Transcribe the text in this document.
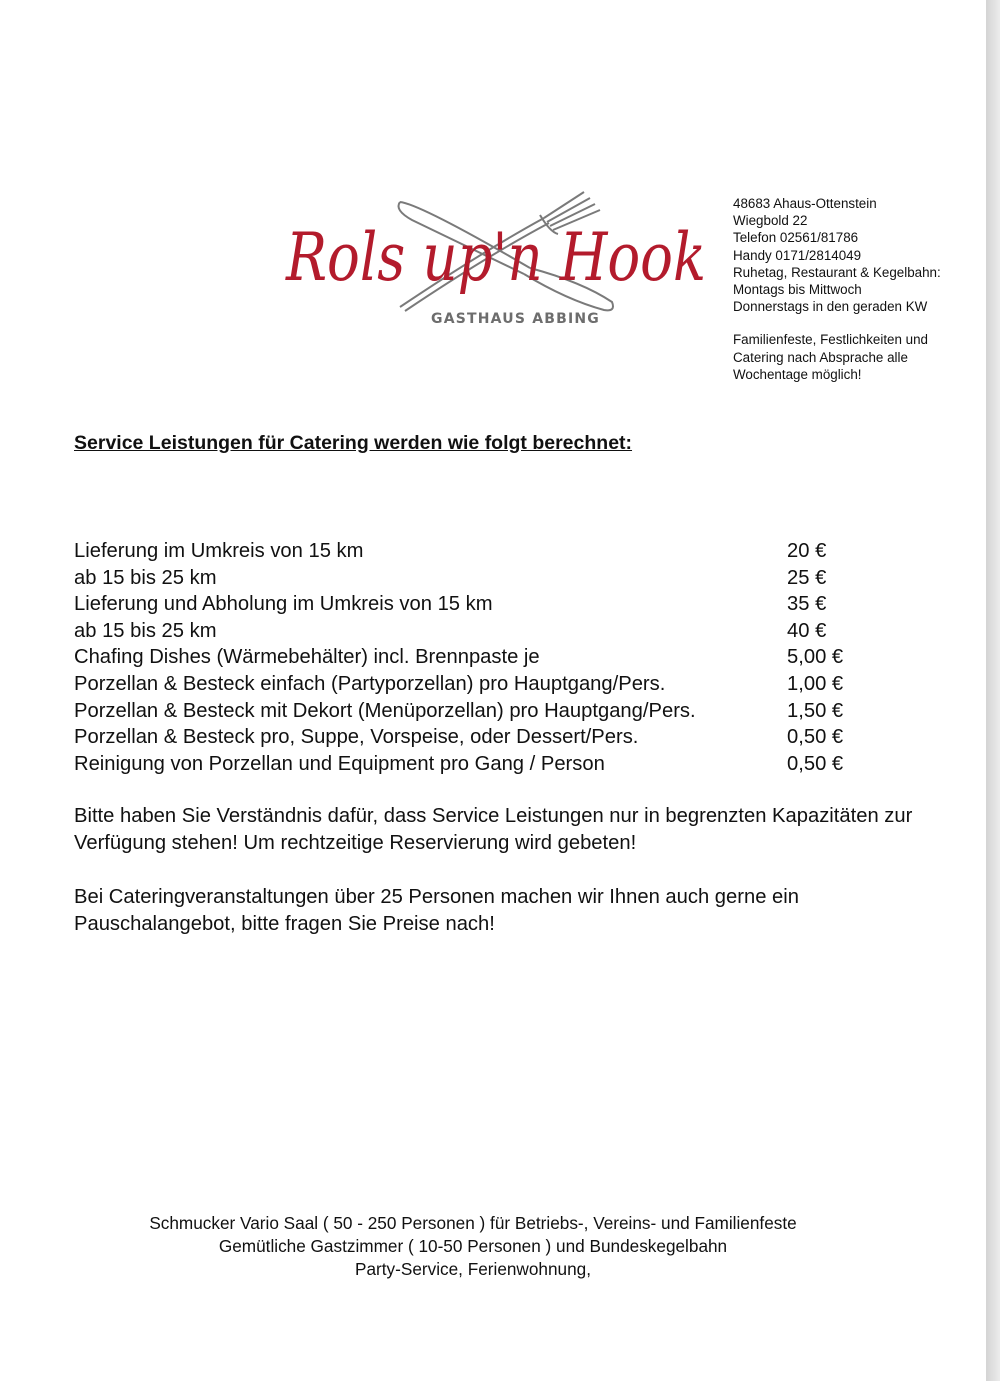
Rols up'n Hook
GASTHAUS ABBING
48683 Ahaus-Ottenstein
Wiegbold 22
Telefon 02561/81786
Handy 0171/2814049
Ruhetag, Restaurant & Kegelbahn:
Montags bis Mittwoch
Donnerstags in den geraden KW
Familienfeste, Festlichkeiten und
Catering nach Absprache alle
Wochentage möglich!
Service Leistungen für Catering werden wie folgt berechnet:
Lieferung im Umkreis von 15 km	20 €
ab 15 bis 25 km	25 €
Lieferung und Abholung im Umkreis von 15 km	35 €
ab 15 bis 25 km	40 €
Chafing Dishes (Wärmebehälter) incl. Brennpaste je	5,00 €
Porzellan & Besteck einfach (Partyporzellan) pro Hauptgang/Pers.	1,00 €
Porzellan & Besteck mit Dekort (Menüporzellan) pro Hauptgang/Pers.	1,50 €
Porzellan & Besteck pro, Suppe, Vorspeise, oder Dessert/Pers.	0,50 €
Reinigung von Porzellan und Equipment pro Gang / Person	0,50 €

Bitte haben Sie Verständnis dafür, dass Service Leistungen nur in begrenzten Kapazitäten zur Verfügung stehen! Um rechtzeitige Reservierung wird gebeten!

Bei Cateringveranstaltungen über 25 Personen machen wir Ihnen auch gerne ein Pauschalangebot, bitte fragen Sie Preise nach!

Schmucker Vario Saal ( 50 - 250 Personen ) für Betriebs-, Vereins- und Familienfeste
Gemütliche Gastzimmer ( 10-50 Personen ) und Bundeskegelbahn
Party-Service, Ferienwohnung,
